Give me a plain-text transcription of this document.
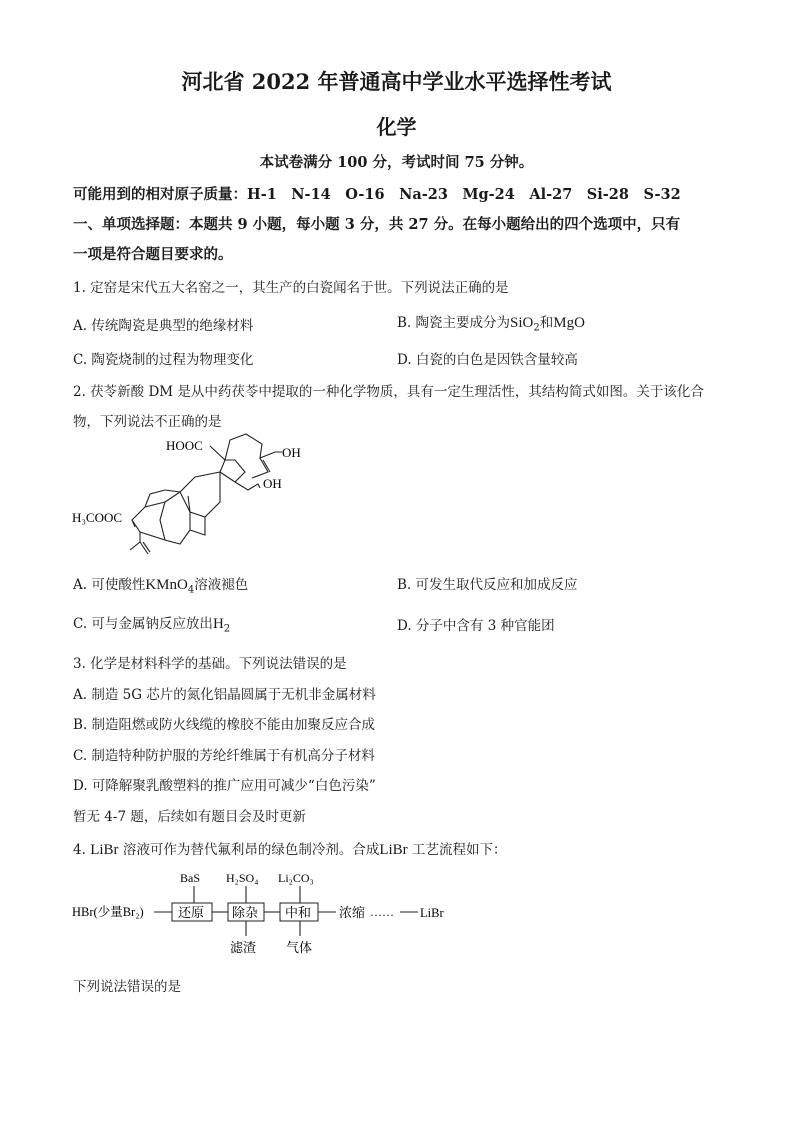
河北省 2022 年普通高中学业水平选择性考试
化学
本试卷满分 100 分，考试时间 75 分钟。
可能用到的相对原子质量：H-1　N-14　O-16　Na-23　Mg-24　Al-27　Si-28　S-32
一、单项选择题：本题共 9 小题，每小题 3 分，共 27 分。在每小题给出的四个选项中，只有
一项是符合题目要求的。
1. 定窑是宋代五大名窑之一，其生产的白瓷闻名于世。下列说法正确的是
A. 传统陶瓷是典型的绝缘材料	B. 陶瓷主要成分为SiO$_2$和MgO
C. 陶瓷烧制的过程为物理变化	D. 白瓷的白色是因铁含量较高
2. 茯苓新酸 DM 是从中药茯苓中提取的一种化学物质，具有一定生理活性，其结构简式如图。关于该化合
物，下列说法不正确的是
HOOC	OH
OH
H₃COOC
A. 可使酸性KMnO$_4$溶液褪色	B. 可发生取代反应和加成反应
C. 可与金属钠反应放出$H_2$	D. 分子中含有 3 种官能团
3. 化学是材料科学的基础。下列说法错误的是
A. 制造 5G 芯片的氮化铝晶圆属于无机非金属材料
B. 制造阻燃或防火线缆的橡胶不能由加聚反应合成
C. 制造特种防护服的芳纶纤维属于有机高分子材料
D. 可降解聚乳酸塑料的推广应用可减少“白色污染”
暂无 4-7 题，后续如有题目会及时更新
4. LiBr 溶液可作为替代氟利昂的绿色制冷剂。合成LiBr 工艺流程如下：
BaS H₂SO₄ Li₂CO₃
HBr(少量Br₂)	还原 除杂 中和 浓缩 …… LiBr
滤渣 气体
下列说法错误的是
